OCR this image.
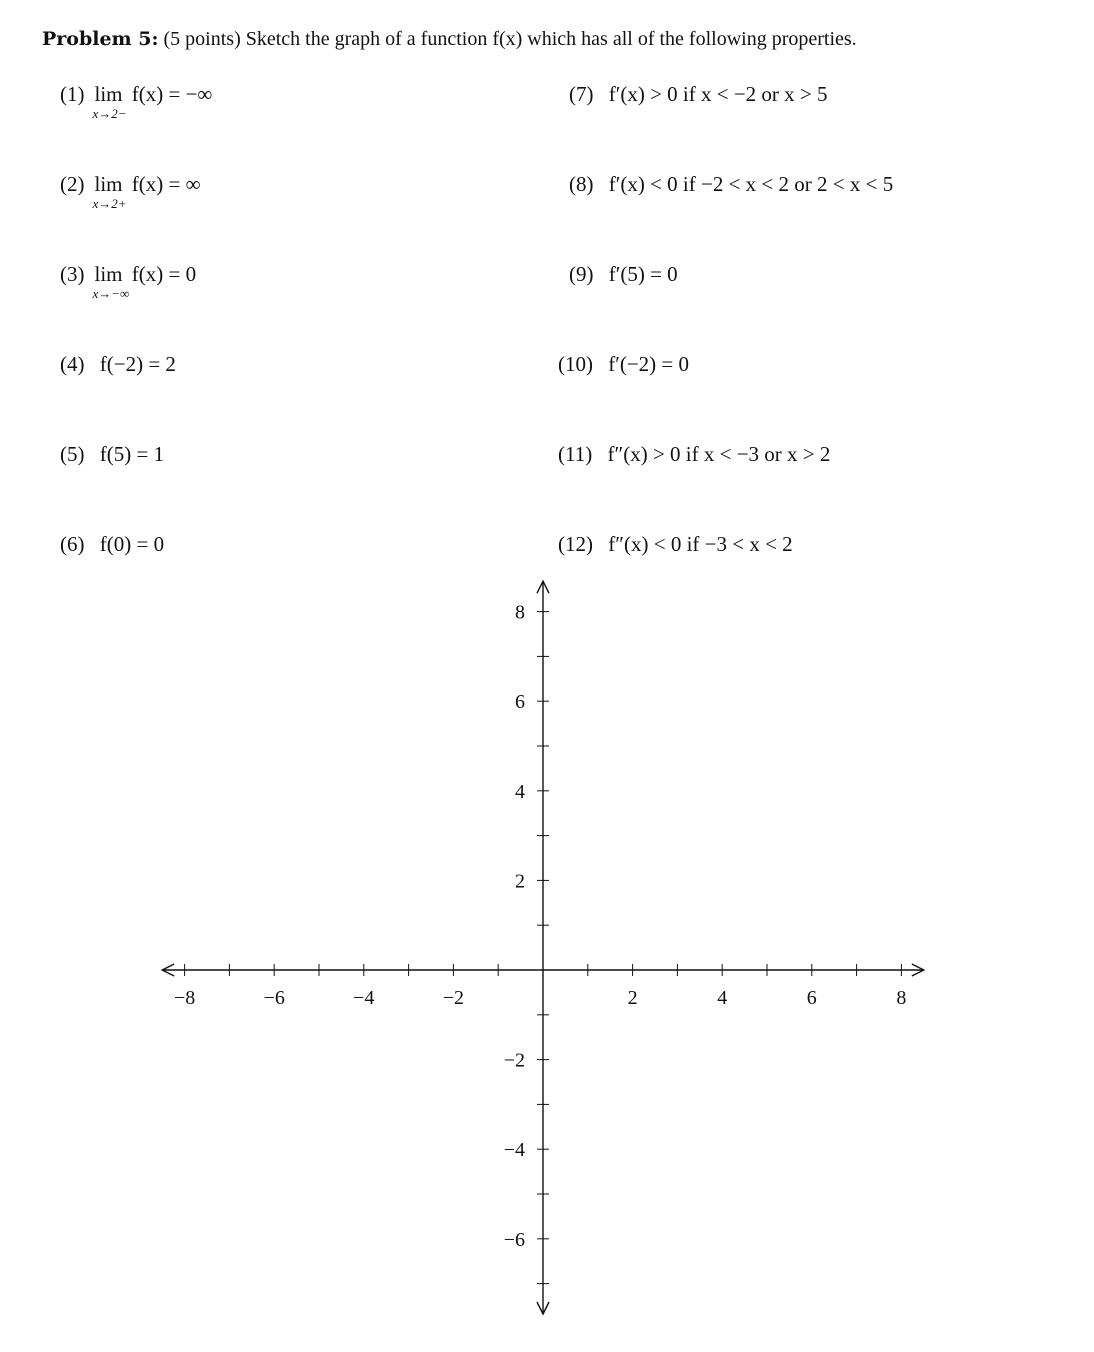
Problem 5: (5 points) Sketch the graph of a function f(x) which has all of the following properties.
(1) lim
x→2−
f(x) = −∞
(2) lim
x→2+
f(x) = ∞
(3) lim
x→−∞
f(x) = 0
(4) f(−2) = 2
(5) f(5) = 1
(6) f(0) = 0
(7) f′(x) > 0 if x < −2 or x > 5
(8) f′(x) < 0 if −2 < x < 2 or 2 < x < 5
(9) f′(5) = 0
(10) f′(−2) = 0
(11) f″(x) > 0 if x < −3 or x > 2
(12) f″(x) < 0 if −3 < x < 2
−8	−6	−4	−2	2	4	6	8
8
6
4
2
−2
−4
−6
